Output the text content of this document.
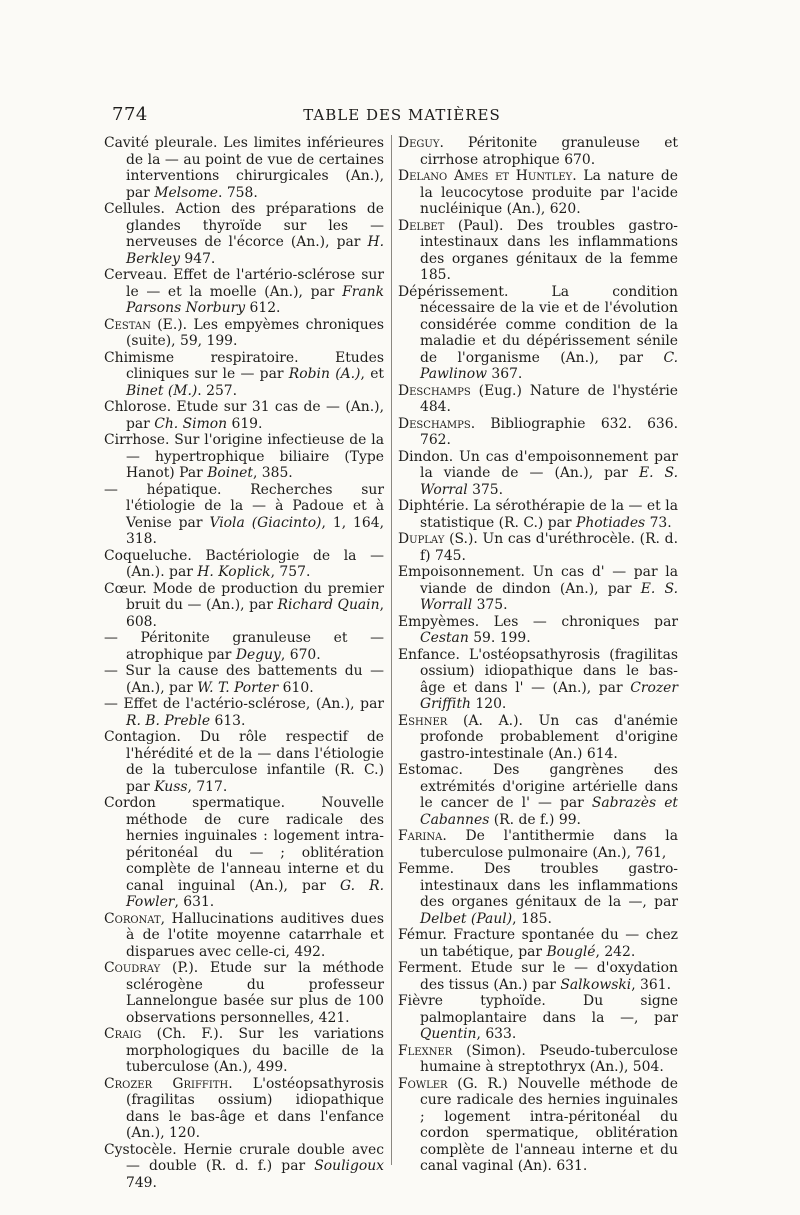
774	TABLE DES MATIÈRES

Cavité pleurale. Les limites inférieures de la — au point de vue de certaines interventions chirurgicales (An.), par Melsome. 758.

Cellules. Action des préparations de glandes thyroïde sur les — nerveuses de l'écorce (An.), par H. Berkley 947.

Cerveau. Effet de l'artério-sclérose sur le — et la moelle (An.), par Frank Parsons Norbury 612.

Cestan (E.). Les empyèmes chroniques (suite), 59, 199.

Chimisme respiratoire. Etudes cliniques sur le — par Robin (A.), et Binet (M.). 257.

Chlorose. Etude sur 31 cas de — (An.), par Ch. Simon 619.

Cirrhose. Sur l'origine infectieuse de la — hypertrophique biliaire (Type Hanot) Par Boinet, 385.

— hépatique. Recherches sur l'étiologie de la — à Padoue et à Venise par Viola (Giacinto), 1, 164, 318.

Coqueluche. Bactériologie de la — (An.). par H. Koplick, 757.

Cœur. Mode de production du premier bruit du — (An.), par Richard Quain, 608.

— Péritonite granuleuse et — atrophique par Deguy, 670.

— Sur la cause des battements du — (An.), par W. T. Porter 610.

— Effet de l'actério-sclérose, (An.), par R. B. Preble 613.

Contagion. Du rôle respectif de l'hérédité et de la — dans l'étiologie de la tuberculose infantile (R. C.) par Kuss, 717.

Cordon spermatique. Nouvelle méthode de cure radicale des hernies inguinales : logement intra-péritonéal du — ; oblitération complète de l'anneau interne et du canal inguinal (An.), par G. R. Fowler, 631.

Coronat, Hallucinations auditives dues à de l'otite moyenne catarrhale et disparues avec celle-ci, 492.

Coudray (P.). Etude sur la méthode sclérogène du professeur Lannelongue basée sur plus de 100 observations personnelles, 421.

Craig (Ch. F.). Sur les variations morphologiques du bacille de la tuberculose (An.), 499.

Crozer Griffith. L'ostéopsathyrosis (fragilitas ossium) idiopathique dans le bas-âge et dans l'enfance (An.), 120.

Cystocèle. Hernie crurale double avec — double (R. d. f.) par Souligoux 749.

Deguy. Péritonite granuleuse et cirrhose atrophique 670.

Delano Ames et Huntley. La nature de la leucocytose produite par l'acide nucléinique (An.), 620.

Delbet (Paul). Des troubles gastro-intestinaux dans les inflammations des organes génitaux de la femme 185.

Dépérissement. La condition nécessaire de la vie et de l'évolution considérée comme condition de la maladie et du dépérissement sénile de l'organisme (An.), par C. Pawlinow 367.

Deschamps (Eug.) Nature de l'hystérie 484.

Deschamps. Bibliographie 632. 636. 762.

Dindon. Un cas d'empoisonnement par la viande de — (An.), par E. S. Worral 375.

Diphtérie. La sérothérapie de la — et la statistique (R. C.) par Photiades 73.

Duplay (S.). Un cas d'uréthrocèle. (R. d. f) 745.

Empoisonnement. Un cas d' — par la viande de dindon (An.), par E. S. Worrall 375.

Empyèmes. Les — chroniques par Cestan 59. 199.

Enfance. L'ostéopsathyrosis (fragilitas ossium) idiopathique dans le bas-âge et dans l' — (An.), par Crozer Griffith 120.

Eshner (A. A.). Un cas d'anémie profonde probablement d'origine gastro-intestinale (An.) 614.

Estomac. Des gangrènes des extrémités d'origine artérielle dans le cancer de l' — par Sabrazès et Cabannes (R. de f.) 99.

Farina. De l'antithermie dans la tuberculose pulmonaire (An.), 761,

Femme. Des troubles gastro-intestinaux dans les inflammations des organes génitaux de la —, par Delbet (Paul), 185.

Fémur. Fracture spontanée du — chez un tabétique, par Bouglé, 242.

Ferment. Etude sur le — d'oxydation des tissus (An.) par Salkowski, 361.

Fièvre typhoïde. Du signe palmoplantaire dans la —, par Quentin, 633.

Flexner (Simon). Pseudo-tuberculose humaine à streptothryx (An.), 504.

Fowler (G. R.) Nouvelle méthode de cure radicale des hernies inguinales ; logement intra-péritonéal du cordon spermatique, oblitération complète de l'anneau interne et du canal vaginal (An). 631.
